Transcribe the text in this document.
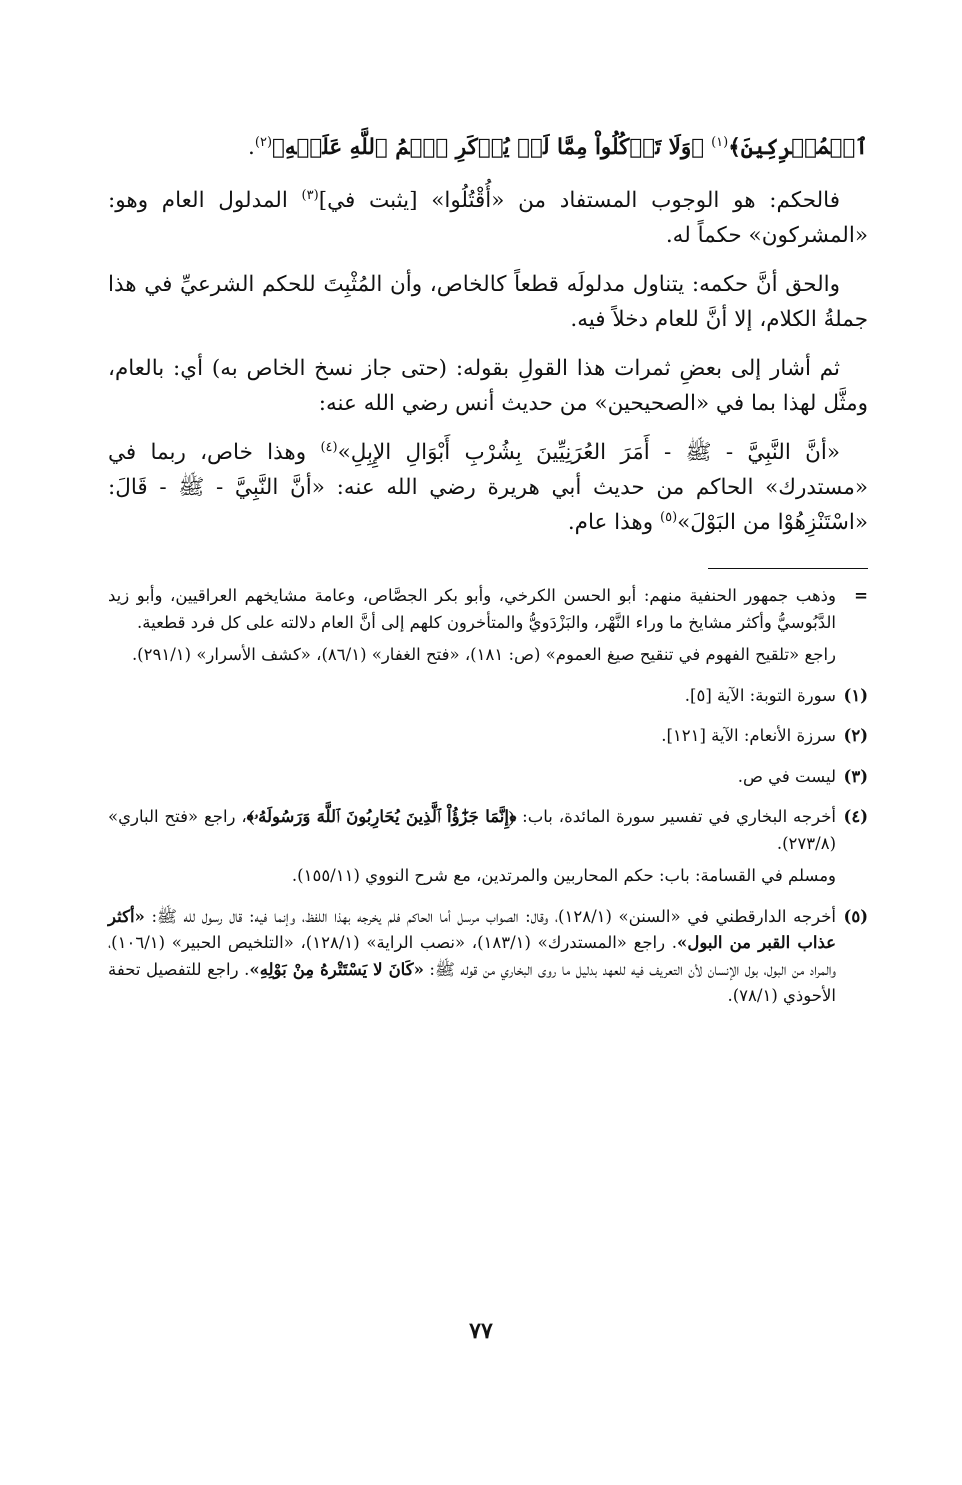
ٱلۡمُشۡرِكِينَ﴾$^{(١)}$ ﴿وَلَا تَأۡكُلُواْ مِمَّا لَمۡ يُذۡكَرِ ٱسۡمُ ٱللَّهِ عَلَيۡهِ﴾$^{(٢)}$.

فالحكم: هو الوجوب المستفاد من «أُقْتُلُوا» [يثبت في]$^{(٣)}$ المدلول العام وهو: «المشركون» حكماً له.

والحق أنَّ حكمه: يتناول مدلولَه قطعاً كالخاص، وأن المُثْبِتَ للحكم الشرعيِّ في هذا جملةُ الكلام، إلا أنَّ للعام دخلاً فيه.

ثم أشار إلى بعضِ ثمرات هذا القولِ بقوله: (حتى جاز نسخ الخاص به) أي: بالعام، ومثَّل لهذا بما في «الصحيحين» من حديث أنس رضي الله عنه:

«أنَّ النَّبِيَّ - ﷺ - أَمَرَ العُرَنِيِّينَ بِشُرْبِ أَبْوَالِ الإِبِلِ»$^{(٤)}$ وهذا خاص، ربما في «مستدرك» الحاكم من حديث أبي هريرة رضي الله عنه: «أنَّ النَّبِيَّ - ﷺ - قَالَ: «اسْتَنْزِهُوْا من البَوْلَ»$^{(٥)}$ وهذا عام.

=

وذهب جمهور الحنفية منهم: أبو الحسن الكرخي، وأبو بكر الجصَّاص، وعامة مشايخهم العراقيين، وأبو زيد الدَّبُوسيُّ وأكثر مشايخ ما وراء النَّهْر، والبَزْدَويُّ والمتأخرون كلهم إلى أنَّ العام دلالته على كل فرد قطعية.

راجع «تلقيح الفهوم في تنقيح صيغ العموم» (ص: ١٨١)، «فتح الغفار» (٨٦/١)، «كشف الأسرار» (٢٩١/١).

(١)

سورة التوبة: الآية [٥].

(٢)

سرزة الأنعام: الآية [١٢١].

(٣)

ليست في ص.

(٤)

أخرجه البخاري في تفسير سورة المائدة، باب: ﴿إِنَّمَا جَزَٰٓؤُاْ ٱلَّذِينَ يُحَارِبُونَ ٱللَّهَ وَرَسُولَهُۥ﴾، راجع «فتح الباري» (٢٧٣/٨).

ومسلم في القسامة: باب: حكم المحاربين والمرتدين، مع شرح النووي (١٥٥/١١).

(٥)

أخرجه الدارقطني في «السنن» (١٢٨/١)، وقال: الصواب مرسل أما الحاكم فلم يخرجه بهذا اللفظ، وإنما فيه: قال رسول لله ﷺ: «أكثر عذاب القبر من البول». راجع «المستدرك» (١٨٣/١)، «نصب الراية» (١٢٨/١)، «التلخيص الحبير» (١٠٦/١)، والمراد من البول، بول الإنسان لأن التعريف فيه للعهد بدليل ما روى البخاري من قوله ﷺ: «كَانَ لا يَسْتَتْرهُ مِنْ بَوْلِهِ». راجع للتفصيل تحفة الأحوذي (٧٨/١).

٧٧
